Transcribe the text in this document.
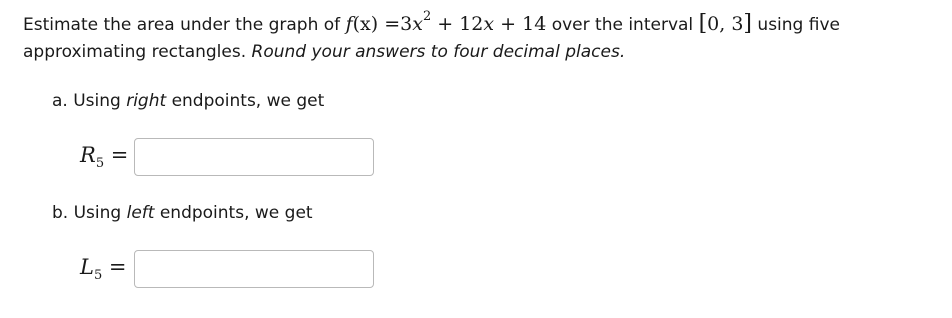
Estimate the area under the graph of $f(x) =3x^2 + 12x + 14$ over the interval [0, 3] using five approximating rectangles. Round your answers to four decimal places.
a. Using right endpoints, we get
$R_5$ =
b. Using left endpoints, we get
$L_5$ =
